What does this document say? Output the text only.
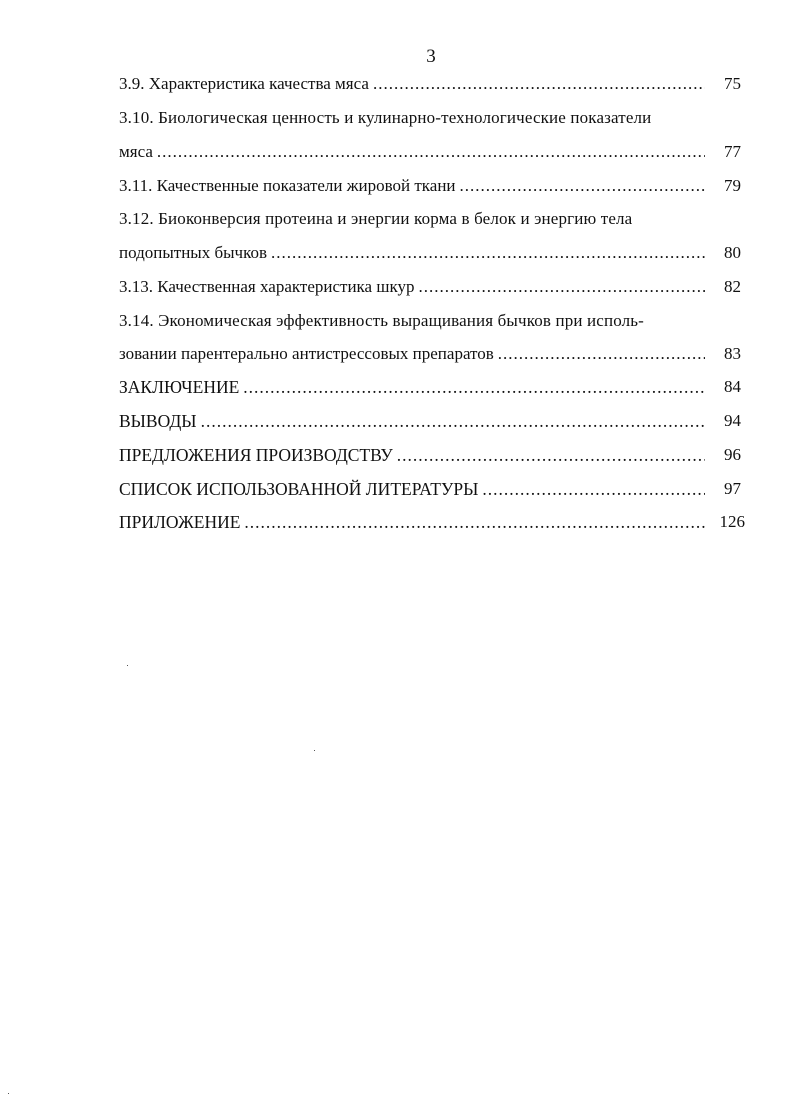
3
3.9. Характеристика качества мяса .....	75
3.10. Биологическая ценность и кулинарно-технологические показатели
мяса .....	77
3.11. Качественные показатели жировой ткани .....	79
3.12. Биоконверсия протеина и энергии корма в белок и энергию тела
подопытных бычков .....	80
3.13. Качественная характеристика шкур .....	82
3.14. Экономическая эффективность выращивания бычков при исполь-
зовании парентерально антистрессовых препаратов .....	83
ЗАКЛЮЧЕНИЕ .....	84
ВЫВОДЫ .....	94
ПРЕДЛОЖЕНИЯ ПРОИЗВОДСТВУ .....	96
СПИСОК ИСПОЛЬЗОВАННОЙ ЛИТЕРАТУРЫ .....	97
ПРИЛОЖЕНИЕ .....	126
